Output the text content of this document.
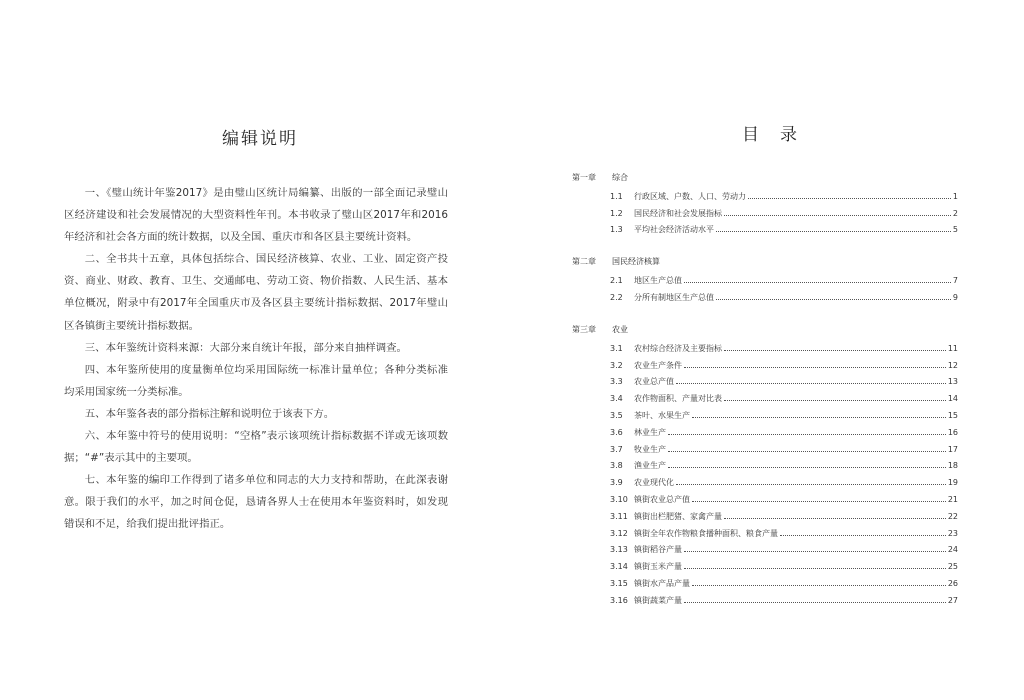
编辑说明

一、《璧山统计年鉴2017》是由璧山区统计局编纂、出版的一部全面记录璧山区经济建设和社会发展情况的大型资料性年刊。本书收录了璧山区2017年和2016年经济和社会各方面的统计数据，以及全国、重庆市和各区县主要统计资料。

二、全书共十五章，具体包括综合、国民经济核算、农业、工业、固定资产投资、商业、财政、教育、卫生、交通邮电、劳动工资、物价指数、人民生活、基本单位概况，附录中有2017年全国重庆市及各区县主要统计指标数据、2017年璧山区各镇街主要统计指标数据。

三、本年鉴统计资料来源：大部分来自统计年报，部分来自抽样调查。

四、本年鉴所使用的度量衡单位均采用国际统一标准计量单位；各种分类标准均采用国家统一分类标准。

五、本年鉴各表的部分指标注解和说明位于该表下方。

六、本年鉴中符号的使用说明：“空格”表示该项统计指标数据不详或无该项数据；“#”表示其中的主要项。

七、本年鉴的编印工作得到了诸多单位和同志的大力支持和帮助，在此深表谢意。限于我们的水平，加之时间仓促，恳请各界人士在使用本年鉴资料时，如发现错误和不足，给我们提出批评指正。

目 录
第一章 综合
1.1	行政区域、户数、人口、劳动力	1
1.2	国民经济和社会发展指标	2
1.3	平均社会经济活动水平	5
第二章 国民经济核算
2.1	地区生产总值	7
2.2	分所有制地区生产总值	9
第三章 农业
3.1	农村综合经济及主要指标	11
3.2	农业生产条件	12
3.3	农业总产值	13
3.4	农作物面积、产量对比表	14
3.5	茶叶、水果生产	15
3.6	林业生产	16
3.7	牧业生产	17
3.8	渔业生产	18
3.9	农业现代化	19
3.10 镇街农业总产值	21
3.11 镇街出栏肥猪、家禽产量	22
3.12 镇街全年农作物粮食播种面积、粮食产量	23
3.13 镇街稻谷产量	24
3.14 镇街玉米产量	25
3.15 镇街水产品产量	26
3.16 镇街蔬菜产量	27
